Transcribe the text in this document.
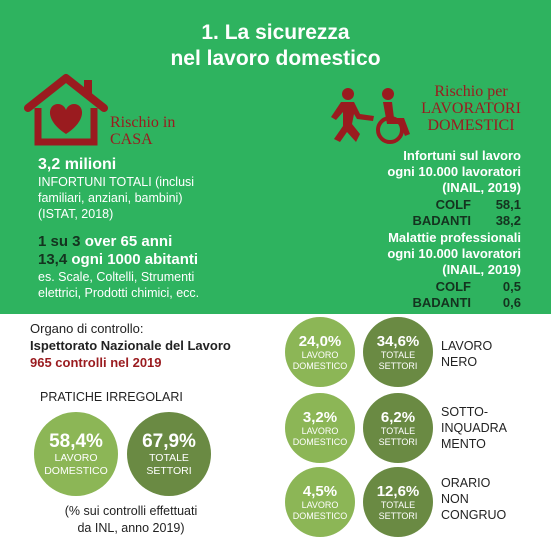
1. La sicurezza
nel lavoro domestico
Rischio in
CASA
3,2 milioni
INFORTUNI TOTALI (inclusi
familiari, anziani, bambini)
(ISTAT, 2018)
1 su 3 over 65 anni
13,4 ogni 1000 abitanti
es. Scale, Coltelli, Strumenti
elettrici, Prodotti chimici, ecc.
Rischio per
LAVORATORI
DOMESTICI
Infortuni sul lavoro
ogni 10.000 lavoratori
(INAIL, 2019)
COLF 58,1
BADANTI 38,2
Malattie professionali
ogni 10.000 lavoratori
(INAIL, 2019)
COLF 0,5
BADANTI 0,6
Organo di controllo:
Ispettorato Nazionale del Lavoro
965 controlli nel 2019
PRATICHE IRREGOLARI
58,4%
LAVORO
DOMESTICO
67,9%
TOTALE
SETTORI
(% sui controlli effettuati
da INL, anno 2019)
24,0%
LAVORO
DOMESTICO
34,6%
TOTALE
SETTORI
LAVORO
NERO
3,2%
LAVORO
DOMESTICO
6,2%
TOTALE
SETTORI
SOTTO-
INQUADRA
MENTO
4,5%
LAVORO
DOMESTICO
12,6%
TOTALE
SETTORI
ORARIO
NON
CONGRUO
